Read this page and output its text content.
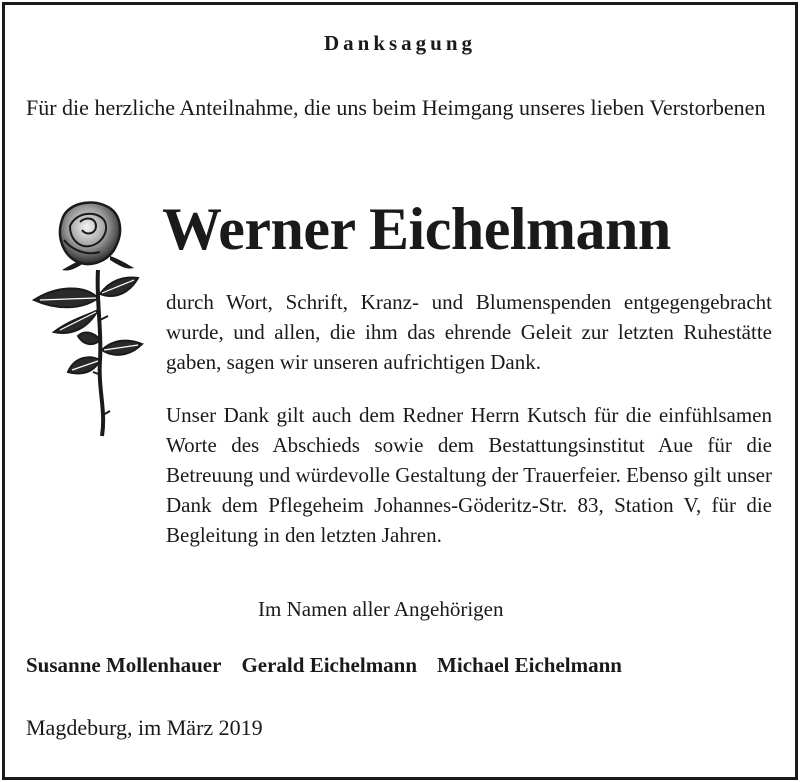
Danksagung
Für die herzliche Anteilnahme, die uns beim Heimgang unseres lieben Verstorbenen
Werner Eichelmann
durch Wort, Schrift, Kranz- und Blumenspenden entgegengebracht wurde, und allen, die ihm das ehrende Geleit zur letzten Ruhestätte gaben, sagen wir unseren aufrichtigen Dank.
Unser Dank gilt auch dem Redner Herrn Kutsch für die einfühlsamen Worte des Abschieds sowie dem Bestattungsinstitut Aue für die Betreuung und würdevolle Gestaltung der Trauerfeier. Ebenso gilt unser Dank dem Pflegeheim Johannes-Göderitz-Str. 83, Station V, für die Begleitung in den letzten Jahren.
Im Namen aller Angehörigen
Susanne Mollenhauer Gerald Eichelmann Michael Eichelmann
Magdeburg, im März 2019
